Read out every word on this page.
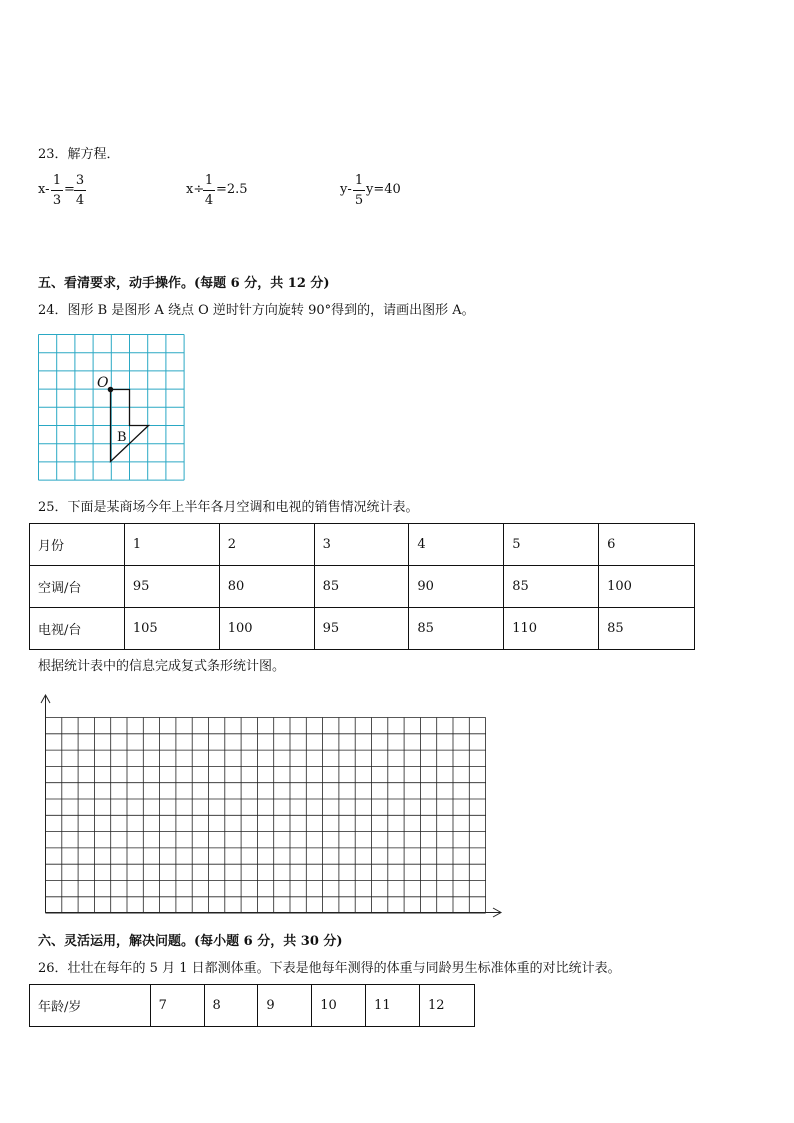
23．解方程．
x-
1
3
=
3
4
x÷
1
4
=2.5	y-
1
5
y=40
五、看清要求，动手操作。(每题 6 分，共 12 分)
24．图形 B 是图形 A 绕点 O 逆时针方向旋转 90°得到的，请画出图形 A。
O
B
25．下面是某商场今年上半年各月空调和电视的销售情况统计表。
月份	1	2	3	4	5	6
空调/台	95	80	85	90	85	100
电视/台	105	100	95	85	110	85
根据统计表中的信息完成复式条形统计图。
六、灵活运用，解决问题。(每小题 6 分，共 30 分)
26．壮壮在每年的 5 月 1 日都测体重。下表是他每年测得的体重与同龄男生标准体重的对比统计表。
年龄/岁	7	8	9	10	11	12
